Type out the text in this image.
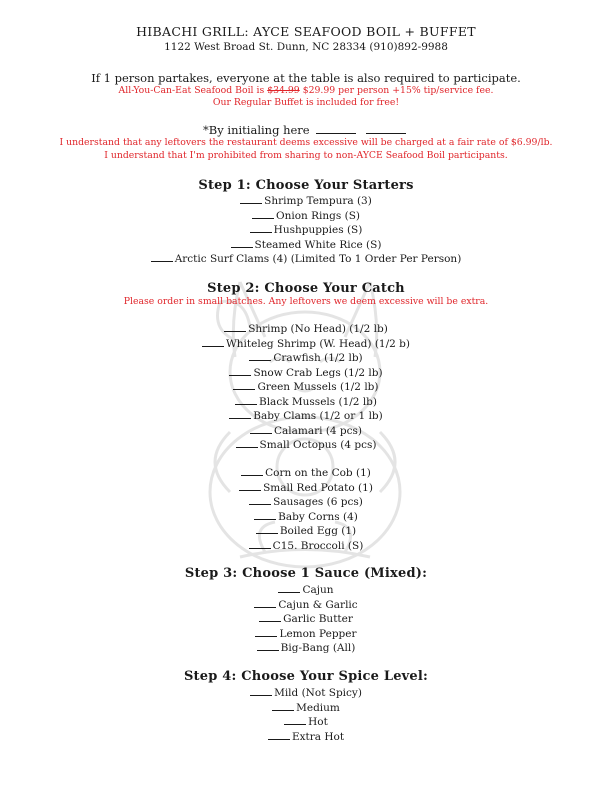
HIBACHI GRILL: AYCE SEAFOOD BOIL + BUFFET
1122 West Broad St. Dunn, NC 28334 (910)892-9988
If 1 person partakes, everyone at the table is also required to participate.
All-You-Can-Eat Seafood Boil is $34.99 $29.99 per person +15% tip/service fee.
Our Regular Buffet is included for free!
*By initialing here
I understand that any leftovers the restaurant deems excessive will be charged at a fair rate of $6.99/lb.
I understand that I'm prohibited from sharing to non-AYCE Seafood Boil participants.
Step 1: Choose Your Starters
Shrimp Tempura (3)
Onion Rings (S)
Hushpuppies (S)
Steamed White Rice (S)
Arctic Surf Clams (4) (Limited To 1 Order Per Person)
Step 2: Choose Your Catch
Please order in small batches. Any leftovers we deem excessive will be extra.
Shrimp (No Head) (1/2 lb)
Whiteleg Shrimp (W. Head) (1/2 b)
Crawfish (1/2 lb)
Snow Crab Legs (1/2 lb)
Green Mussels (1/2 lb)
Black Mussels (1/2 lb)
Baby Clams (1/2 or 1 lb)
Calamari (4 pcs)
Small Octopus (4 pcs)
Corn on the Cob (1)
Small Red Potato (1)
Sausages (6 pcs)
Baby Corns (4)
Boiled Egg (1)
C15. Broccoli (S)
Step 3: Choose 1 Sauce (Mixed):
Cajun
Cajun & Garlic
Garlic Butter
Lemon Pepper
Big-Bang (All)
Step 4: Choose Your Spice Level:
Mild (Not Spicy)
Medium
Hot
Extra Hot
